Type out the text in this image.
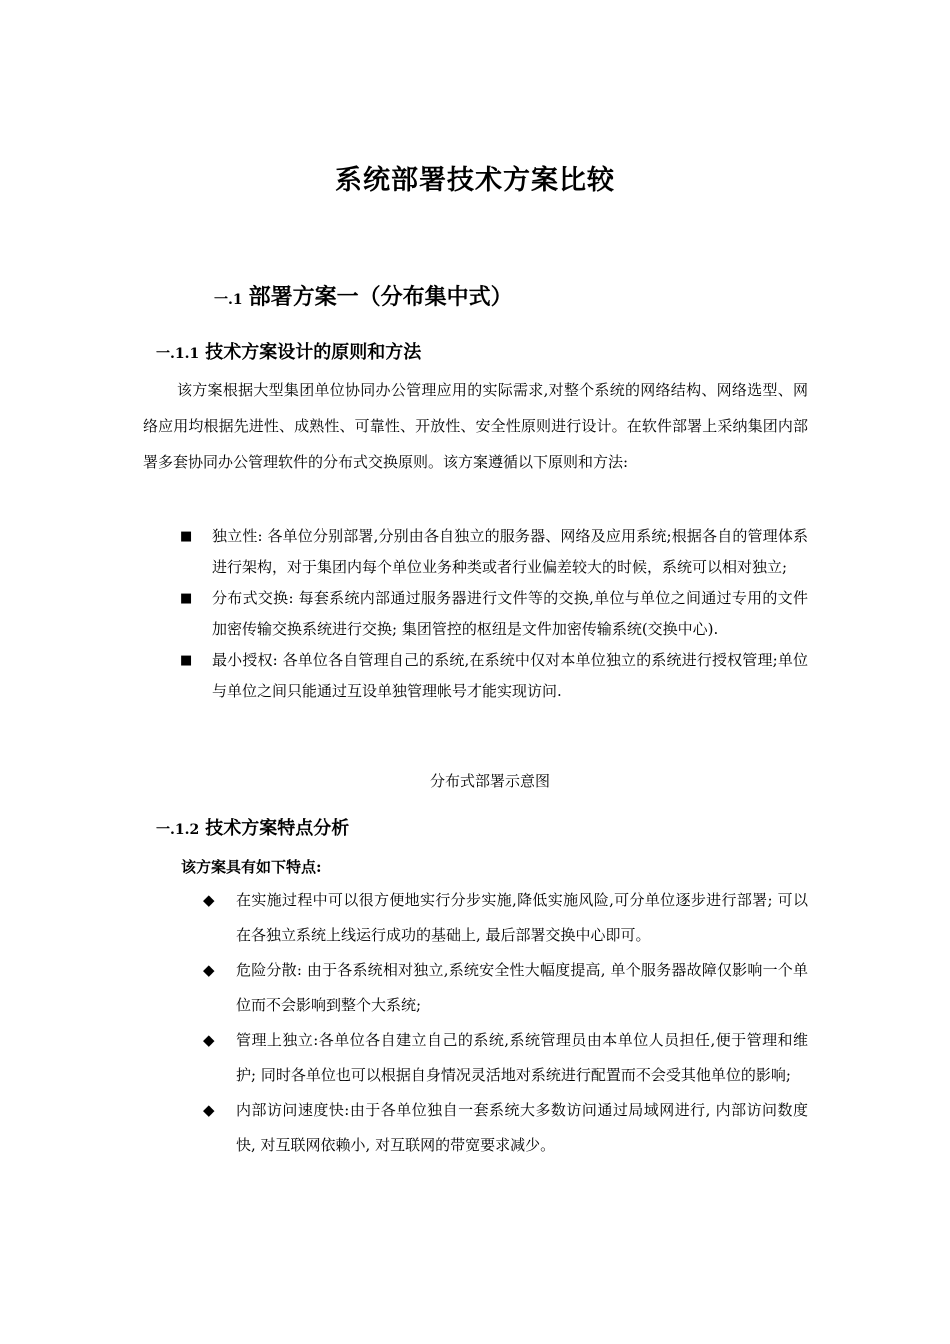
系统部署技术方案比较
一.1 部署方案一（分布集中式）
一.1.1 技术方案设计的原则和方法
该方案根据大型集团单位协同办公管理应用的实际需求,对整个系统的网络结构、网络选型、网络应用均根据先进性、成熟性、可靠性、开放性、安全性原则进行设计。在软件部署上采纳集团内部署多套协同办公管理软件的分布式交换原则。该方案遵循以下原则和方法:
■ 独立性: 各单位分别部署,分别由各自独立的服务器、网络及应用系统;根据各自的管理体系进行架构，对于集团内每个单位业务种类或者行业偏差较大的时候，系统可以相对独立;
■ 分布式交换: 每套系统内部通过服务器进行文件等的交换,单位与单位之间通过专用的文件加密传输交换系统进行交换; 集团管控的枢纽是文件加密传输系统(交换中心).
■ 最小授权: 各单位各自管理自己的系统,在系统中仅对本单位独立的系统进行授权管理;单位与单位之间只能通过互设单独管理帐号才能实现访问.
分布式部署示意图
一.1.2 技术方案特点分析
该方案具有如下特点:
◆ 在实施过程中可以很方便地实行分步实施,降低实施风险,可分单位逐步进行部署; 可以在各独立系统上线运行成功的基础上, 最后部署交换中心即可。
◆ 危险分散: 由于各系统相对独立,系统安全性大幅度提高, 单个服务器故障仅影响一个单位而不会影响到整个大系统;
◆ 管理上独立:各单位各自建立自己的系统,系统管理员由本单位人员担任,便于管理和维护; 同时各单位也可以根据自身情况灵活地对系统进行配置而不会受其他单位的影响;
◆ 内部访问速度快:由于各单位独自一套系统大多数访问通过局域网进行, 内部访问数度快, 对互联网依赖小, 对互联网的带宽要求减少。
